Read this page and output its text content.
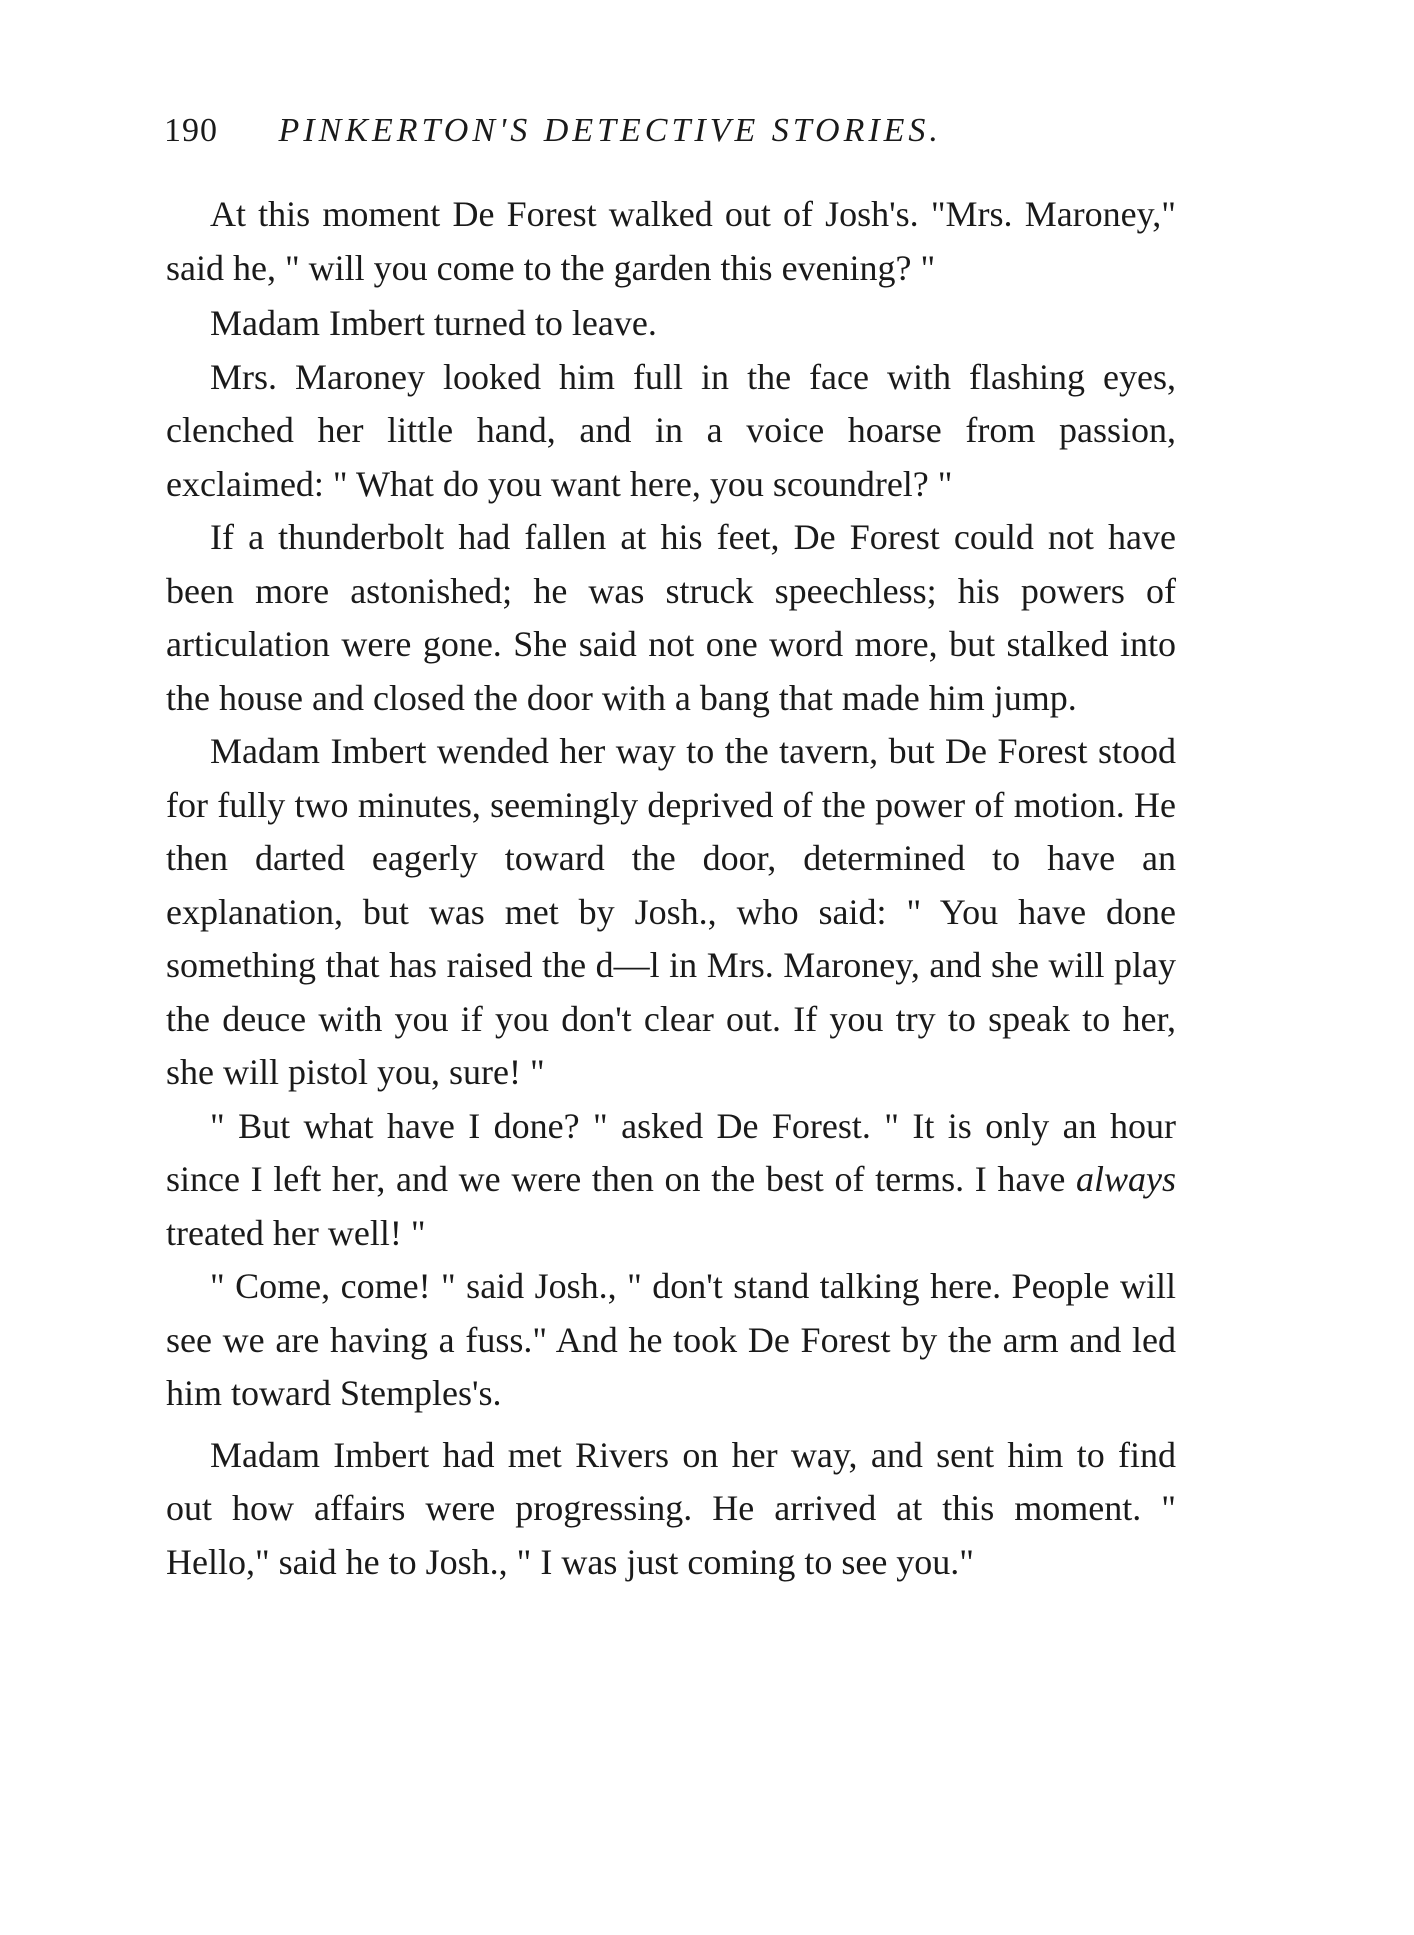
190 PINKERTON'S DETECTIVE STORIES.

At this moment De Forest walked out of Josh's. "Mrs. Maroney," said he, " will you come to the garden this evening? "

Madam Imbert turned to leave.

Mrs. Maroney looked him full in the face with flashing eyes, clenched her little hand, and in a voice hoarse from passion, exclaimed: " What do you want here, you scoundrel? "

If a thunderbolt had fallen at his feet, De Forest could not have been more astonished; he was struck speechless; his powers of articulation were gone. She said not one word more, but stalked into the house and closed the door with a bang that made him jump.

Madam Imbert wended her way to the tavern, but De Forest stood for fully two minutes, seemingly deprived of the power of motion. He then darted eagerly toward the door, determined to have an explanation, but was met by Josh., who said: " You have done something that has raised the d—l in Mrs. Maroney, and she will play the deuce with you if you don't clear out. If you try to speak to her, she will pistol you, sure! "

" But what have I done? " asked De Forest. " It is only an hour since I left her, and we were then on the best of terms. I have always treated her well! "

" Come, come! " said Josh., " don't stand talking here. People will see we are having a fuss." And he took De Forest by the arm and led him toward Stemples's.

Madam Imbert had met Rivers on her way, and sent him to find out how affairs were progressing. He arrived at this moment. " Hello," said he to Josh., " I was just coming to see you."
